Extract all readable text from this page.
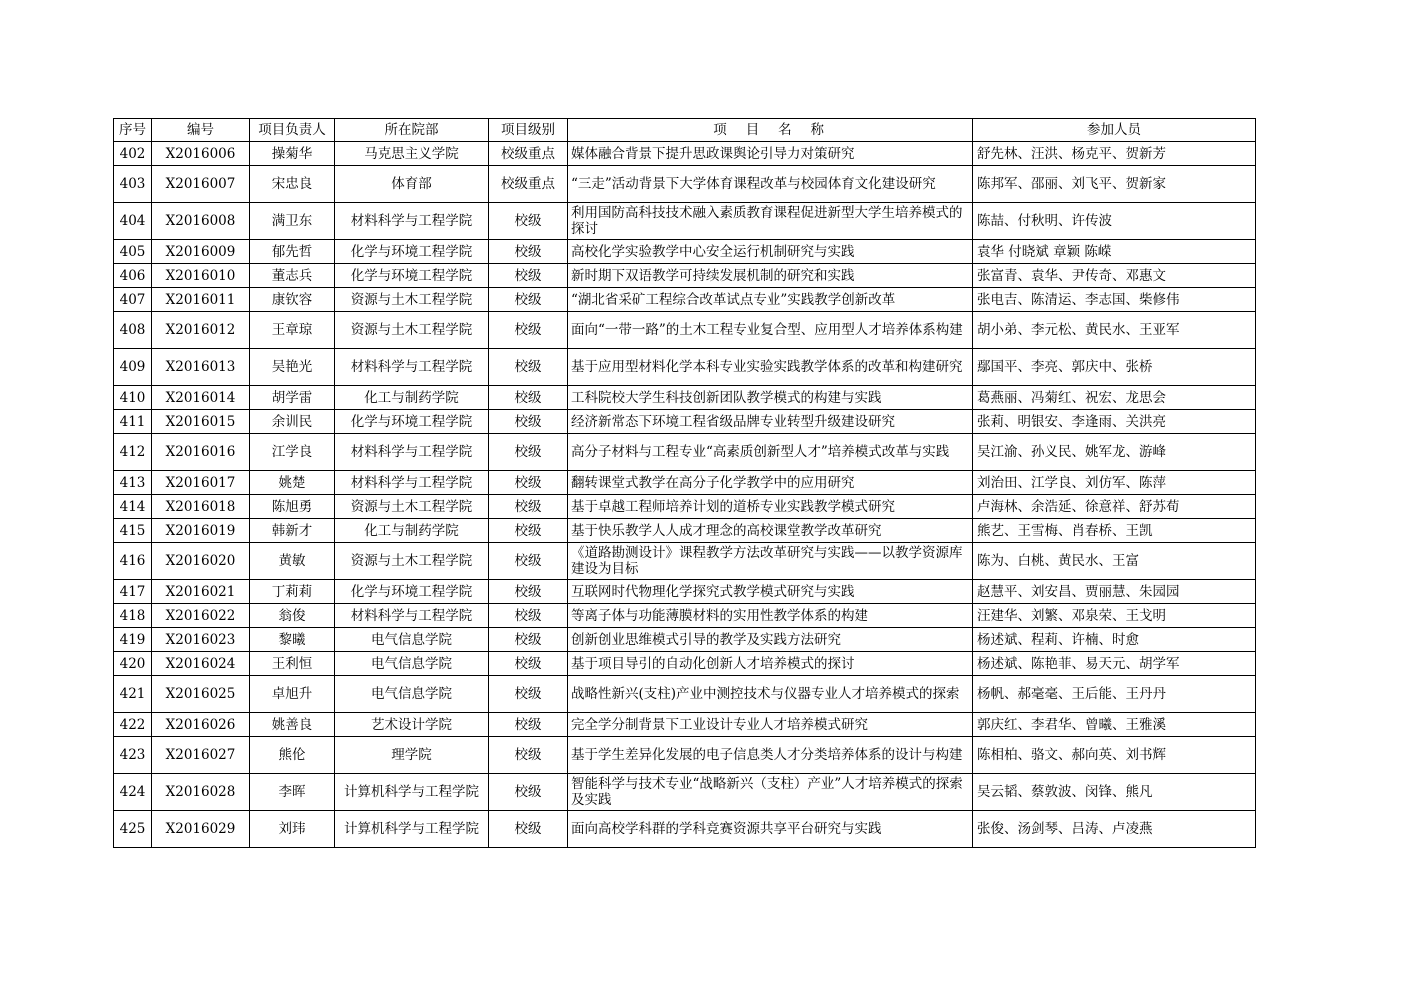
序号	编号	项目负责人	所在院部	项目级别	项　目　名　称	参加人员
402	X2016006	操菊华	马克思主义学院	校级重点	媒体融合背景下提升思政课舆论引导力对策研究	舒先林、汪洪、杨克平、贺新芳
403	X2016007	宋忠良	体育部	校级重点	“三走”活动背景下大学体育课程改革与校园体育文化建设研究	陈邦军、邵丽、刘飞平、贺新家
404	X2016008	满卫东	材料科学与工程学院	校级	利用国防高科技技术融入素质教育课程促进新型大学生培养模式的探讨	陈喆、付秋明、许传波
405	X2016009	郁先哲	化学与环境工程学院	校级	高校化学实验教学中心安全运行机制研究与实践	袁华 付晓斌 章颖 陈嵘
406	X2016010	董志兵	化学与环境工程学院	校级	新时期下双语教学可持续发展机制的研究和实践	张富青、袁华、尹传奇、邓惠文
407	X2016011	康钦容	资源与土木工程学院	校级	“湖北省采矿工程综合改革试点专业”实践教学创新改革	张电吉、陈清运、李志国、柴修伟
408	X2016012	王章琼	资源与土木工程学院	校级	面向“一带一路”的土木工程专业复合型、应用型人才培养体系构建	胡小弟、李元松、黄民水、王亚军
409	X2016013	吴艳光	材料科学与工程学院	校级	基于应用型材料化学本科专业实验实践教学体系的改革和构建研究	鄢国平、李亮、郭庆中、张桥
410	X2016014	胡学雷	化工与制药学院	校级	工科院校大学生科技创新团队教学模式的构建与实践	葛燕丽、冯菊红、祝宏、龙思会
411	X2016015	余训民	化学与环境工程学院	校级	经济新常态下环境工程省级品牌专业转型升级建设研究	张莉、明银安、李逢雨、关洪亮
412	X2016016	江学良	材料科学与工程学院	校级	高分子材料与工程专业“高素质创新型人才”培养模式改革与实践	吴江渝、孙义民、姚军龙、游峰
413	X2016017	姚楚	材料科学与工程学院	校级	翻转课堂式教学在高分子化学教学中的应用研究	刘治田、江学良、刘仿军、陈萍
414	X2016018	陈旭勇	资源与土木工程学院	校级	基于卓越工程师培养计划的道桥专业实践教学模式研究	卢海林、余浩延、徐意祥、舒苏荀
415	X2016019	韩新才	化工与制药学院	校级	基于快乐教学人人成才理念的高校课堂教学改革研究	熊艺、王雪梅、肖春桥、王凯
416	X2016020	黄敏	资源与土木工程学院	校级	《道路勘测设计》课程教学方法改革研究与实践——以教学资源库建设为目标	陈为、白桃、黄民水、王富
417	X2016021	丁莉莉	化学与环境工程学院	校级	互联网时代物理化学探究式教学模式研究与实践	赵慧平、刘安昌、贾丽慧、朱园园
418	X2016022	翁俊	材料科学与工程学院	校级	等离子体与功能薄膜材料的实用性教学体系的构建	汪建华、刘繁、邓泉荣、王戈明
419	X2016023	黎曦	电气信息学院	校级	创新创业思维模式引导的教学及实践方法研究	杨述斌、程莉、许楠、时愈
420	X2016024	王利恒	电气信息学院	校级	基于项目导引的自动化创新人才培养模式的探讨	杨述斌、陈艳菲、易天元、胡学军
421	X2016025	卓旭升	电气信息学院	校级	战略性新兴(支柱)产业中测控技术与仪器专业人才培养模式的探索	杨帆、郝毫毫、王后能、王丹丹
422	X2016026	姚善良	艺术设计学院	校级	完全学分制背景下工业设计专业人才培养模式研究	郭庆红、李君华、曾曦、王雅溪
423	X2016027	熊伦	理学院	校级	基于学生差异化发展的电子信息类人才分类培养体系的设计与构建	陈相柏、骆文、郝向英、刘书辉
424	X2016028	李晖	计算机科学与工程学院	校级	智能科学与技术专业“战略新兴（支柱）产业”人才培养模式的探索及实践	吴云韬、蔡敦波、闵锋、熊凡
425	X2016029	刘玮	计算机科学与工程学院	校级	面向高校学科群的学科竞赛资源共享平台研究与实践	张俊、汤剑琴、吕涛、卢凌燕
